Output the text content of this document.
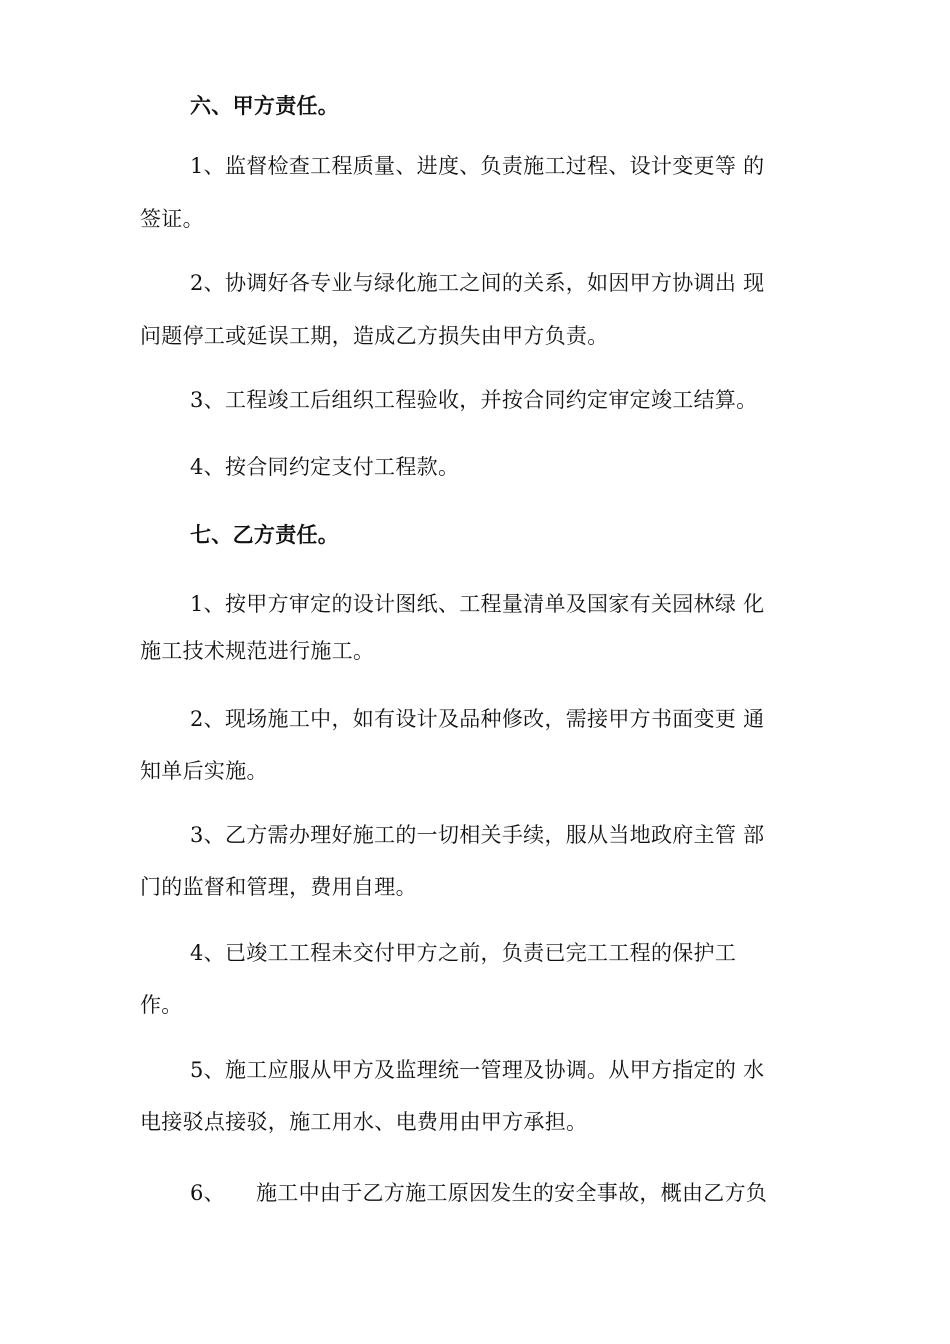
六、甲方责任。
1、监督检查工程质量、进度、负责施工过程、设计变更等 的
签证。
2、协调好各专业与绿化施工之间的关系，如因甲方协调出 现
问题停工或延误工期，造成乙方损失由甲方负责。
3、工程竣工后组织工程验收，并按合同约定审定竣工结算。
4、按合同约定支付工程款。
七、乙方责任。
1、按甲方审定的设计图纸、工程量清单及国家有关园林绿 化
施工技术规范进行施工。
2、现场施工中，如有设计及品种修改，需接甲方书面变更 通
知单后实施。
3、乙方需办理好施工的一切相关手续，服从当地政府主管 部
门的监督和管理，费用自理。
4、已竣工工程未交付甲方之前，负责已完工工程的保护工
作。
5、施工应服从甲方及监理统一管理及协调。从甲方指定的 水
电接驳点接驳，施工用水、电费用由甲方承担。
6、 施工中由于乙方施工原因发生的安全事故，概由乙方负
